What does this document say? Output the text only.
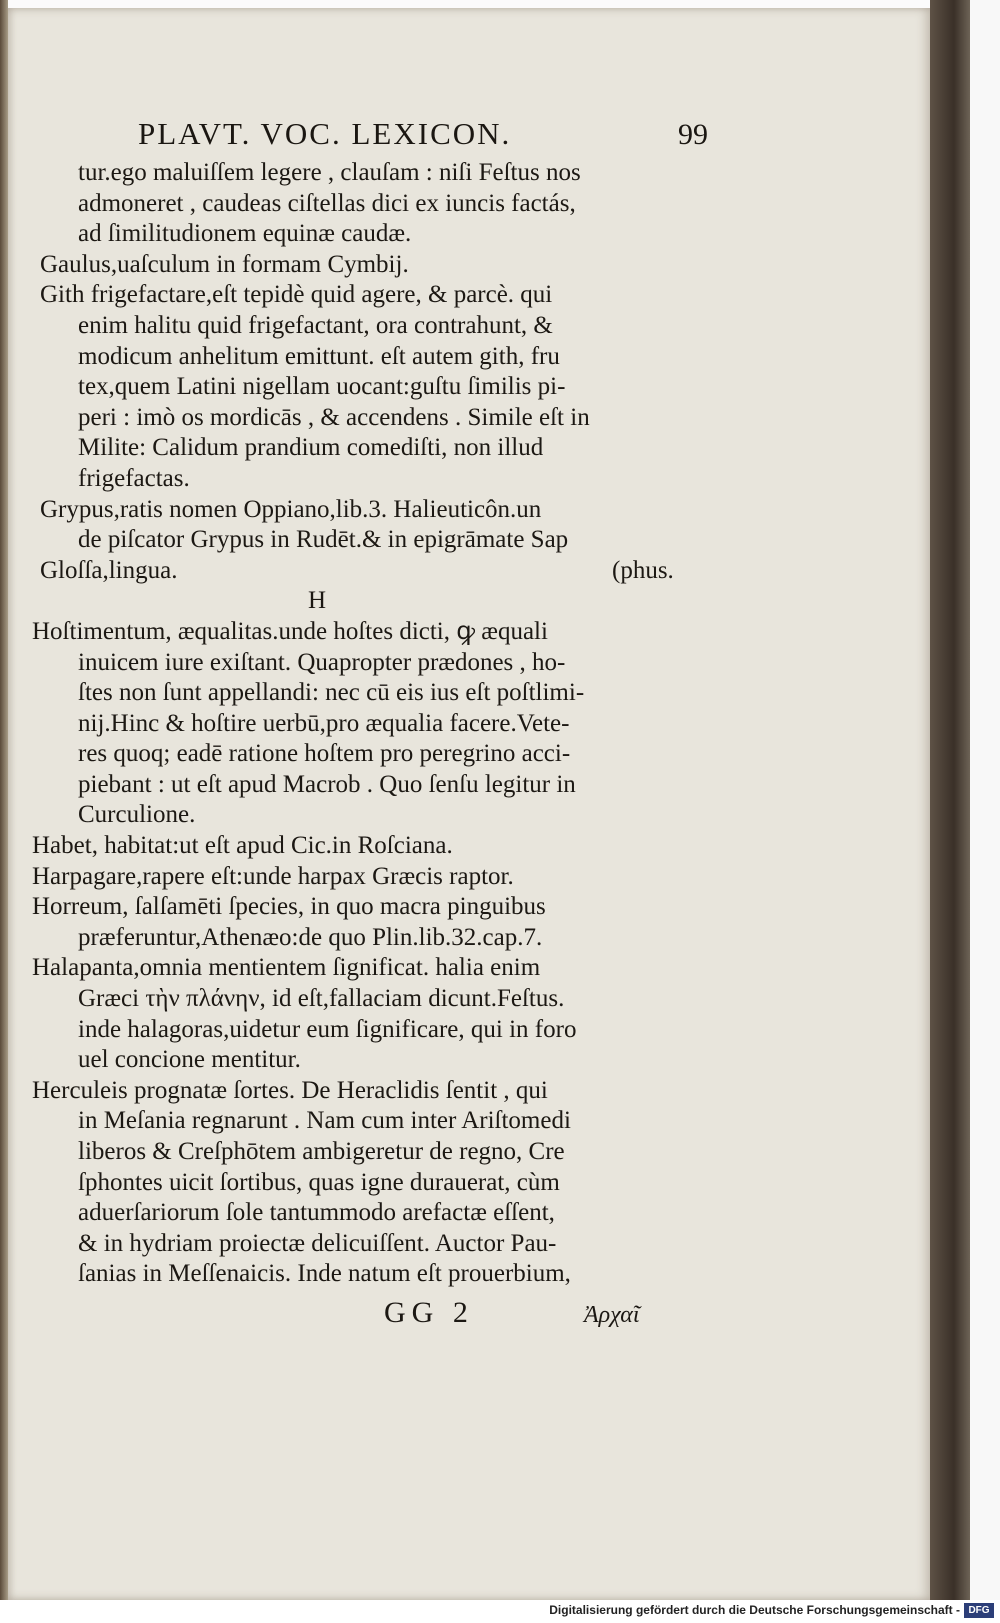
PLAVT. VOC. LEXICON.	99
tur.ego maluiſſem legere , clauſam : niſi Feſtus nos
admoneret , caudeas ciſtellas dici ex iuncis factás,
ad ſimilitudionem equinæ caudæ.
Gaulus,uaſculum in formam Cymbij.
Gith frigefactare,eſt tepidè quid agere, & parcè. qui
enim halitu quid frigefactant, ora contrahunt, &
modicum anhelitum emittunt. eſt autem gith, fru
tex,quem Latini nigellam uocant:guſtu ſimilis pi-
peri : imò os mordicās , & accendens . Simile eſt in
Milite: Calidum prandium comediſti, non illud
frigefactas.
Grypus,ratis nomen Oppiano,lib.3. Halieuticôn.un
de piſcator Grypus in Rudēt.& in epigrāmate Sap
Gloſſa,lingua.	(phus.
H
Hoſtimentum, æqualitas.unde hoſtes dicti, ꝙ æquali
inuicem iure exiſtant. Quapropter prædones , ho-
ſtes non ſunt appellandi: nec cū eis ius eſt poſtlimi-
nij.Hinc & hoſtire uerbū,pro æqualia facere.Vete-
res quoq; eadē ratione hoſtem pro peregrino acci-
piebant : ut eſt apud Macrob . Quo ſenſu legitur in
Curculione.
Habet, habitat:ut eſt apud Cic.in Roſciana.
Harpagare,rapere eſt:unde harpax Græcis raptor.
Horreum, ſalſamēti ſpecies, in quo macra pinguibus
præferuntur,Athenæo:de quo Plin.lib.32.cap.7.
Halapanta,omnia mentientem ſignificat. halia enim
Græci τὴν πλάνην, id eſt,fallaciam dicunt.Feſtus.
inde halagoras,uidetur eum ſignificare, qui in foro
uel concione mentitur.
Herculeis prognatæ ſortes. De Heraclidis ſentit , qui
in Meſania regnarunt . Nam cum inter Ariſtomedi
liberos & Creſphōtem ambigeretur de regno, Cre
ſphontes uicit ſortibus, quas igne durauerat, cùm
aduerſariorum ſole tantummodo arefactæ eſſent,
& in hydriam proiectæ delicuiſſent. Auctor Pau-
ſanias in Meſſenaicis. Inde natum eſt prouerbium,
GG 2	Ἀρχαῖ
Digitalisierung gefördert durch die Deutsche Forschungsgemeinschaft - DFG
